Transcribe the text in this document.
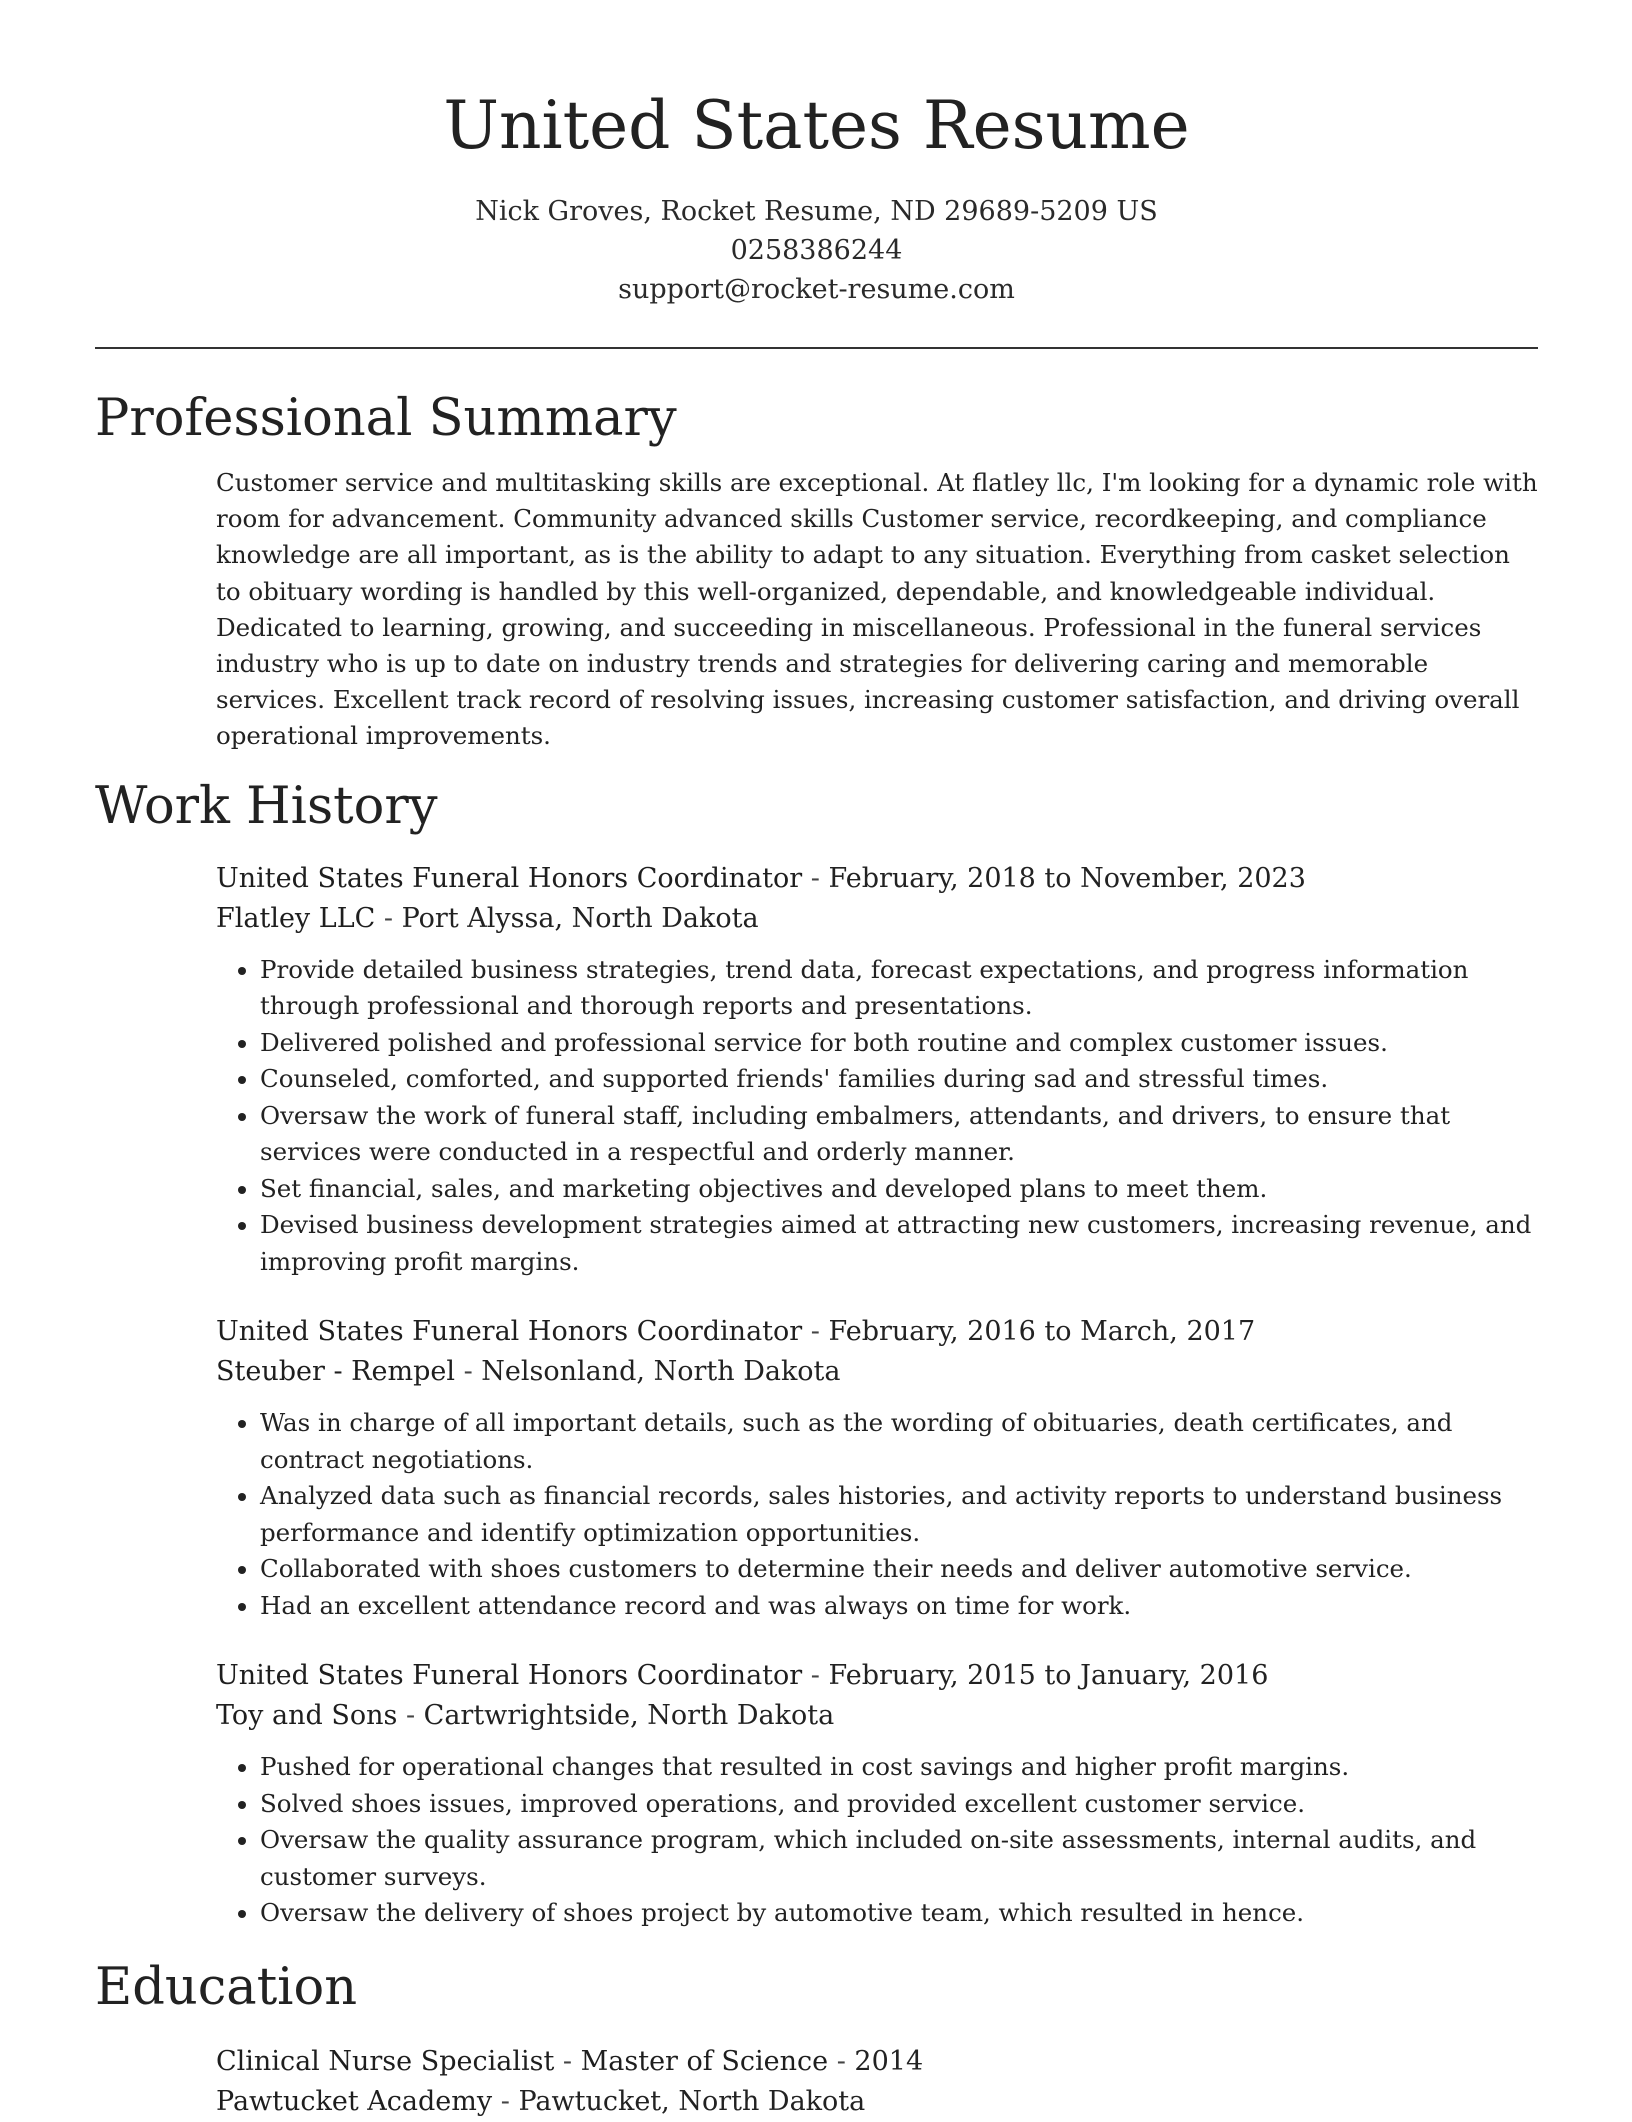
United States Resume
Nick Groves, Rocket Resume, ND 29689-5209 US
0258386244
support@rocket-resume.com
Professional Summary
Customer service and multitasking skills are exceptional. At flatley llc, I'm looking for a dynamic role with room for advancement. Community advanced skills Customer service, recordkeeping, and compliance knowledge are all important, as is the ability to adapt to any situation. Everything from casket selection to obituary wording is handled by this well-organized, dependable, and knowledgeable individual. Dedicated to learning, growing, and succeeding in miscellaneous. Professional in the funeral services industry who is up to date on industry trends and strategies for delivering caring and memorable services. Excellent track record of resolving issues, increasing customer satisfaction, and driving overall operational improvements.
Work History
United States Funeral Honors Coordinator - February, 2018 to November, 2023
Flatley LLC - Port Alyssa, North Dakota
• Provide detailed business strategies, trend data, forecast expectations, and progress information through professional and thorough reports and presentations.
• Delivered polished and professional service for both routine and complex customer issues.
• Counseled, comforted, and supported friends' families during sad and stressful times.
• Oversaw the work of funeral staff, including embalmers, attendants, and drivers, to ensure that services were conducted in a respectful and orderly manner.
• Set financial, sales, and marketing objectives and developed plans to meet them.
• Devised business development strategies aimed at attracting new customers, increasing revenue, and improving profit margins.
United States Funeral Honors Coordinator - February, 2016 to March, 2017
Steuber - Rempel - Nelsonland, North Dakota
• Was in charge of all important details, such as the wording of obituaries, death certificates, and contract negotiations.
• Analyzed data such as financial records, sales histories, and activity reports to understand business performance and identify optimization opportunities.
• Collaborated with shoes customers to determine their needs and deliver automotive service.
• Had an excellent attendance record and was always on time for work.
United States Funeral Honors Coordinator - February, 2015 to January, 2016
Toy and Sons - Cartwrightside, North Dakota
• Pushed for operational changes that resulted in cost savings and higher profit margins.
• Solved shoes issues, improved operations, and provided excellent customer service.
• Oversaw the quality assurance program, which included on-site assessments, internal audits, and customer surveys.
• Oversaw the delivery of shoes project by automotive team, which resulted in hence.
Education
Clinical Nurse Specialist - Master of Science - 2014
Pawtucket Academy - Pawtucket, North Dakota
